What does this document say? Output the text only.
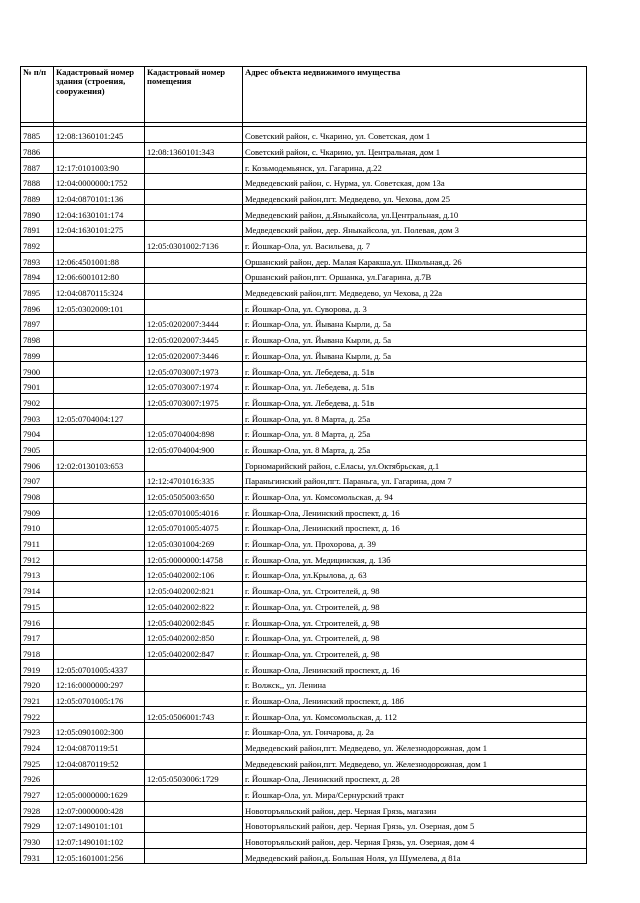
№ п/п	Кадастровый номер здания (строения, сооружения)	Кадастровый номер помещения	Адрес объекта недвижимого имущества

7885	12:08:1360101:245		Советский район, с. Чкарино, ул. Советская, дом 1
7886		12:08:1360101:343	Советский район, с. Чкарино, ул. Центральная, дом 1
7887	12:17:0101003:90		г. Козьмодемьянск, ул. Гагарина, д.22
7888	12:04:0000000:1752		Медведевский район, с. Нурма, ул. Советская, дом 13а
7889	12:04:0870101:136		Медведевский район,пгт. Медведево, ул. Чехова, дом 25
7890	12:04:1630101:174		Медведевский район, д.Яныкайсола, ул.Центральная, д.10
7891	12:04:1630101:275		Медведевский район, дер. Яныкайсола, ул. Полевая, дом 3
7892		12:05:0301002:7136	г. Йошкар-Ола, ул. Васильева, д. 7
7893	12:06:4501001:88		Оршанский район, дер. Малая Каракша,ул. Школьная,д. 26
7894	12:06:6001012:80		Оршанский район,пгт. Оршанка, ул.Гагарина, д.7В
7895	12:04:0870115:324		Медведевский район,пгт. Медведево, ул Чехова, д 22а
7896	12:05:0302009:101		г. Йошкар-Ола, ул. Суворова, д. 3
7897		12:05:0202007:3444	г. Йошкар-Ола, ул. Йывана Кырли, д. 5а
7898		12:05:0202007:3445	г. Йошкар-Ола, ул. Йывана Кырли, д. 5а
7899		12:05:0202007:3446	г. Йошкар-Ола, ул. Йывана Кырли, д. 5а
7900		12:05:0703007:1973	г. Йошкар-Ола, ул. Лебедева, д. 51в
7901		12:05:0703007:1974	г. Йошкар-Ола, ул. Лебедева, д. 51в
7902		12:05:0703007:1975	г. Йошкар-Ола, ул. Лебедева, д. 51в
7903	12:05:0704004:127		г. Йошкар-Ола, ул. 8 Марта, д. 25а
7904		12:05:0704004:898	г. Йошкар-Ола, ул. 8 Марта, д. 25а
7905		12:05:0704004:900	г. Йошкар-Ола, ул. 8 Марта, д. 25а
7906	12:02:0130103:653		Горномарийский район, с.Еласы, ул.Октябрьская, д.1
7907		12:12:4701016:335	Параньгинский район,пгт. Параньга, ул. Гагарина, дом 7
7908		12:05:0505003:650	г. Йошкар-Ола, ул. Комсомольская, д. 94
7909		12:05:0701005:4016	г. Йошкар-Ола, Ленинский проспект, д. 16
7910		12:05:0701005:4075	г. Йошкар-Ола, Ленинский проспект, д. 16
7911		12:05:0301004:269	г. Йошкар-Ола, ул. Прохорова, д. 39
7912		12:05:0000000:14758	г. Йошкар-Ола, ул. Медицинская, д. 13б
7913		12:05:0402002:106	г. Йошкар-Ола, ул.Крылова, д. 63
7914		12:05:0402002:821	г. Йошкар-Ола, ул. Строителей, д. 98
7915		12:05:0402002:822	г. Йошкар-Ола, ул. Строителей, д. 98
7916		12:05:0402002:845	г. Йошкар-Ола, ул. Строителей, д. 98
7917		12:05:0402002:850	г. Йошкар-Ола, ул. Строителей, д. 98
7918		12:05:0402002:847	г. Йошкар-Ола, ул. Строителей, д. 98
7919	12:05:0701005:4337		г. Йошкар-Ола, Ленинский проспект, д. 16
7920	12:16:0000000:297		г. Волжск,, ул. Ленина
7921	12:05:0701005:176		г. Йошкар-Ола, Ленинский проспект, д. 18б
7922		12:05:0506001:743	г. Йошкар-Ола, ул. Комсомольская, д. 112
7923	12:05:0901002:300		г. Йошкар-Ола, ул. Гончарова, д. 2а
7924	12:04:0870119:51		Медведевский район,пгт. Медведево, ул. Железнодорожная, дом 1
7925	12:04:0870119:52		Медведевский район,пгт. Медведево, ул. Железнодорожная, дом 1
7926		12:05:0503006:1729	г. Йошкар-Ола, Ленинский проспект, д. 28
7927	12:05:0000000:1629		г. Йошкар-Ола, ул. Мира/Сернурский тракт
7928	12:07:0000000:428		Новоторъяльский район, дер. Черная Грязь, магазин
7929	12:07:1490101:101		Новоторъяльский район, дер. Черная Грязь, ул. Озерная, дом 5
7930	12:07:1490101:102		Новоторъяльский район, дер. Черная Грязь, ул. Озерная, дом 4
7931	12:05:1601001:256		Медведевский район,д. Большая Ноля, ул Шумелева, д 81а
